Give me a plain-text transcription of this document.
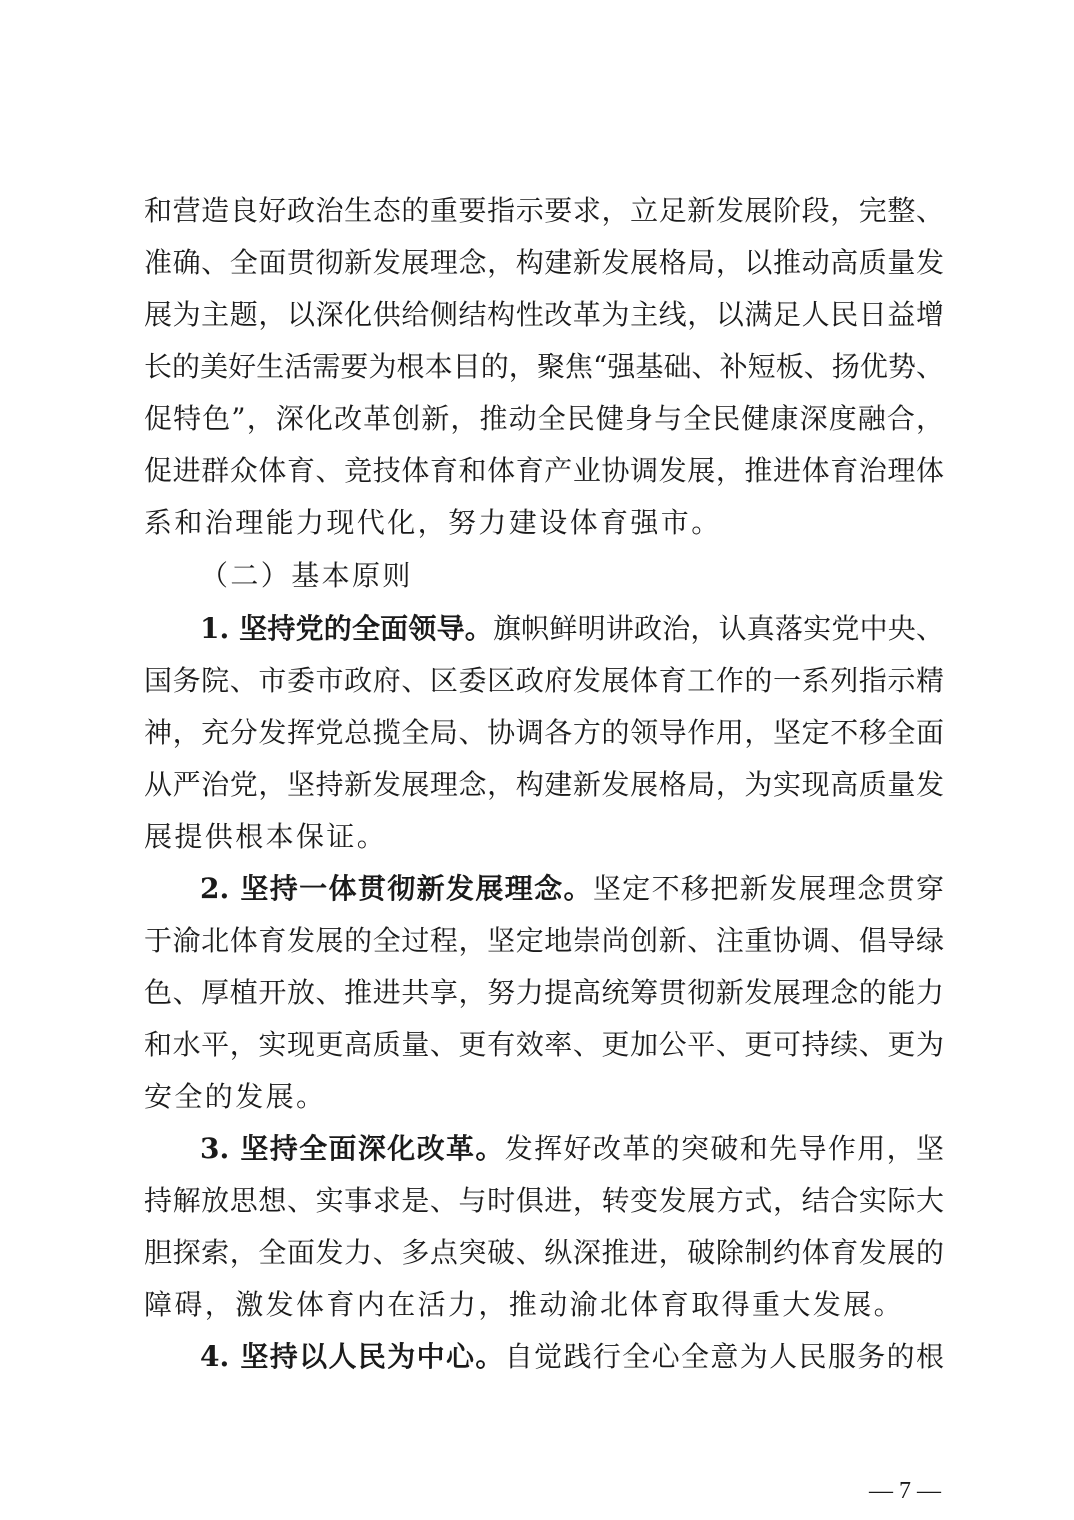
和营造良好政治生态的重要指示要求，立足新发展阶段，完整、
准确、全面贯彻新发展理念，构建新发展格局，以推动高质量发
展为主题，以深化供给侧结构性改革为主线，以满足人民日益增
长的美好生活需要为根本目的，聚焦“强基础、补短板、扬优势、
促特色”，深化改革创新，推动全民健身与全民健康深度融合，
促进群众体育、竞技体育和体育产业协调发展，推进体育治理体
系和治理能力现代化，努力建设体育强市。
（二）基本原则
1. 坚持党的全面领导。旗帜鲜明讲政治，认真落实党中央、
国务院、市委市政府、区委区政府发展体育工作的一系列指示精
神，充分发挥党总揽全局、协调各方的领导作用，坚定不移全面
从严治党，坚持新发展理念，构建新发展格局，为实现高质量发
展提供根本保证。
2. 坚持一体贯彻新发展理念。坚定不移把新发展理念贯穿
于渝北体育发展的全过程，坚定地崇尚创新、注重协调、倡导绿
色、厚植开放、推进共享，努力提高统筹贯彻新发展理念的能力
和水平，实现更高质量、更有效率、更加公平、更可持续、更为
安全的发展。
3. 坚持全面深化改革。发挥好改革的突破和先导作用，坚
持解放思想、实事求是、与时俱进，转变发展方式，结合实际大
胆探索，全面发力、多点突破、纵深推进，破除制约体育发展的
障碍，激发体育内在活力，推动渝北体育取得重大发展。
4. 坚持以人民为中心。自觉践行全心全意为人民服务的根
— 7 —
